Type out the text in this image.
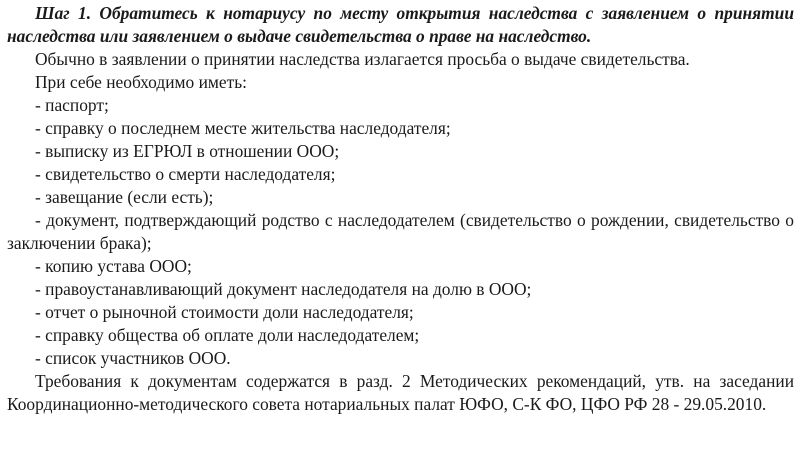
Шаг 1. Обратитесь к нотариусу по месту открытия наследства с заявлением о принятии наследства или заявлением о выдаче свидетельства о праве на наследство.

Обычно в заявлении о принятии наследства излагается просьба о выдаче свидетельства.

При себе необходимо иметь:

- паспорт;

- справку о последнем месте жительства наследодателя;

- выписку из ЕГРЮЛ в отношении ООО;

- свидетельство о смерти наследодателя;

- завещание (если есть);

- документ, подтверждающий родство с наследодателем (свидетельство о рождении, свидетельство о заключении брака);

- копию устава ООО;

- правоустанавливающий документ наследодателя на долю в ООО;

- отчет о рыночной стоимости доли наследодателя;

- справку общества об оплате доли наследодателем;

- список участников ООО.

Требования к документам содержатся в разд. 2 Методических рекомендаций, утв. на заседании Координационно-методического совета нотариальных палат ЮФО, С-К ФО, ЦФО РФ 28 - 29.05.2010.
